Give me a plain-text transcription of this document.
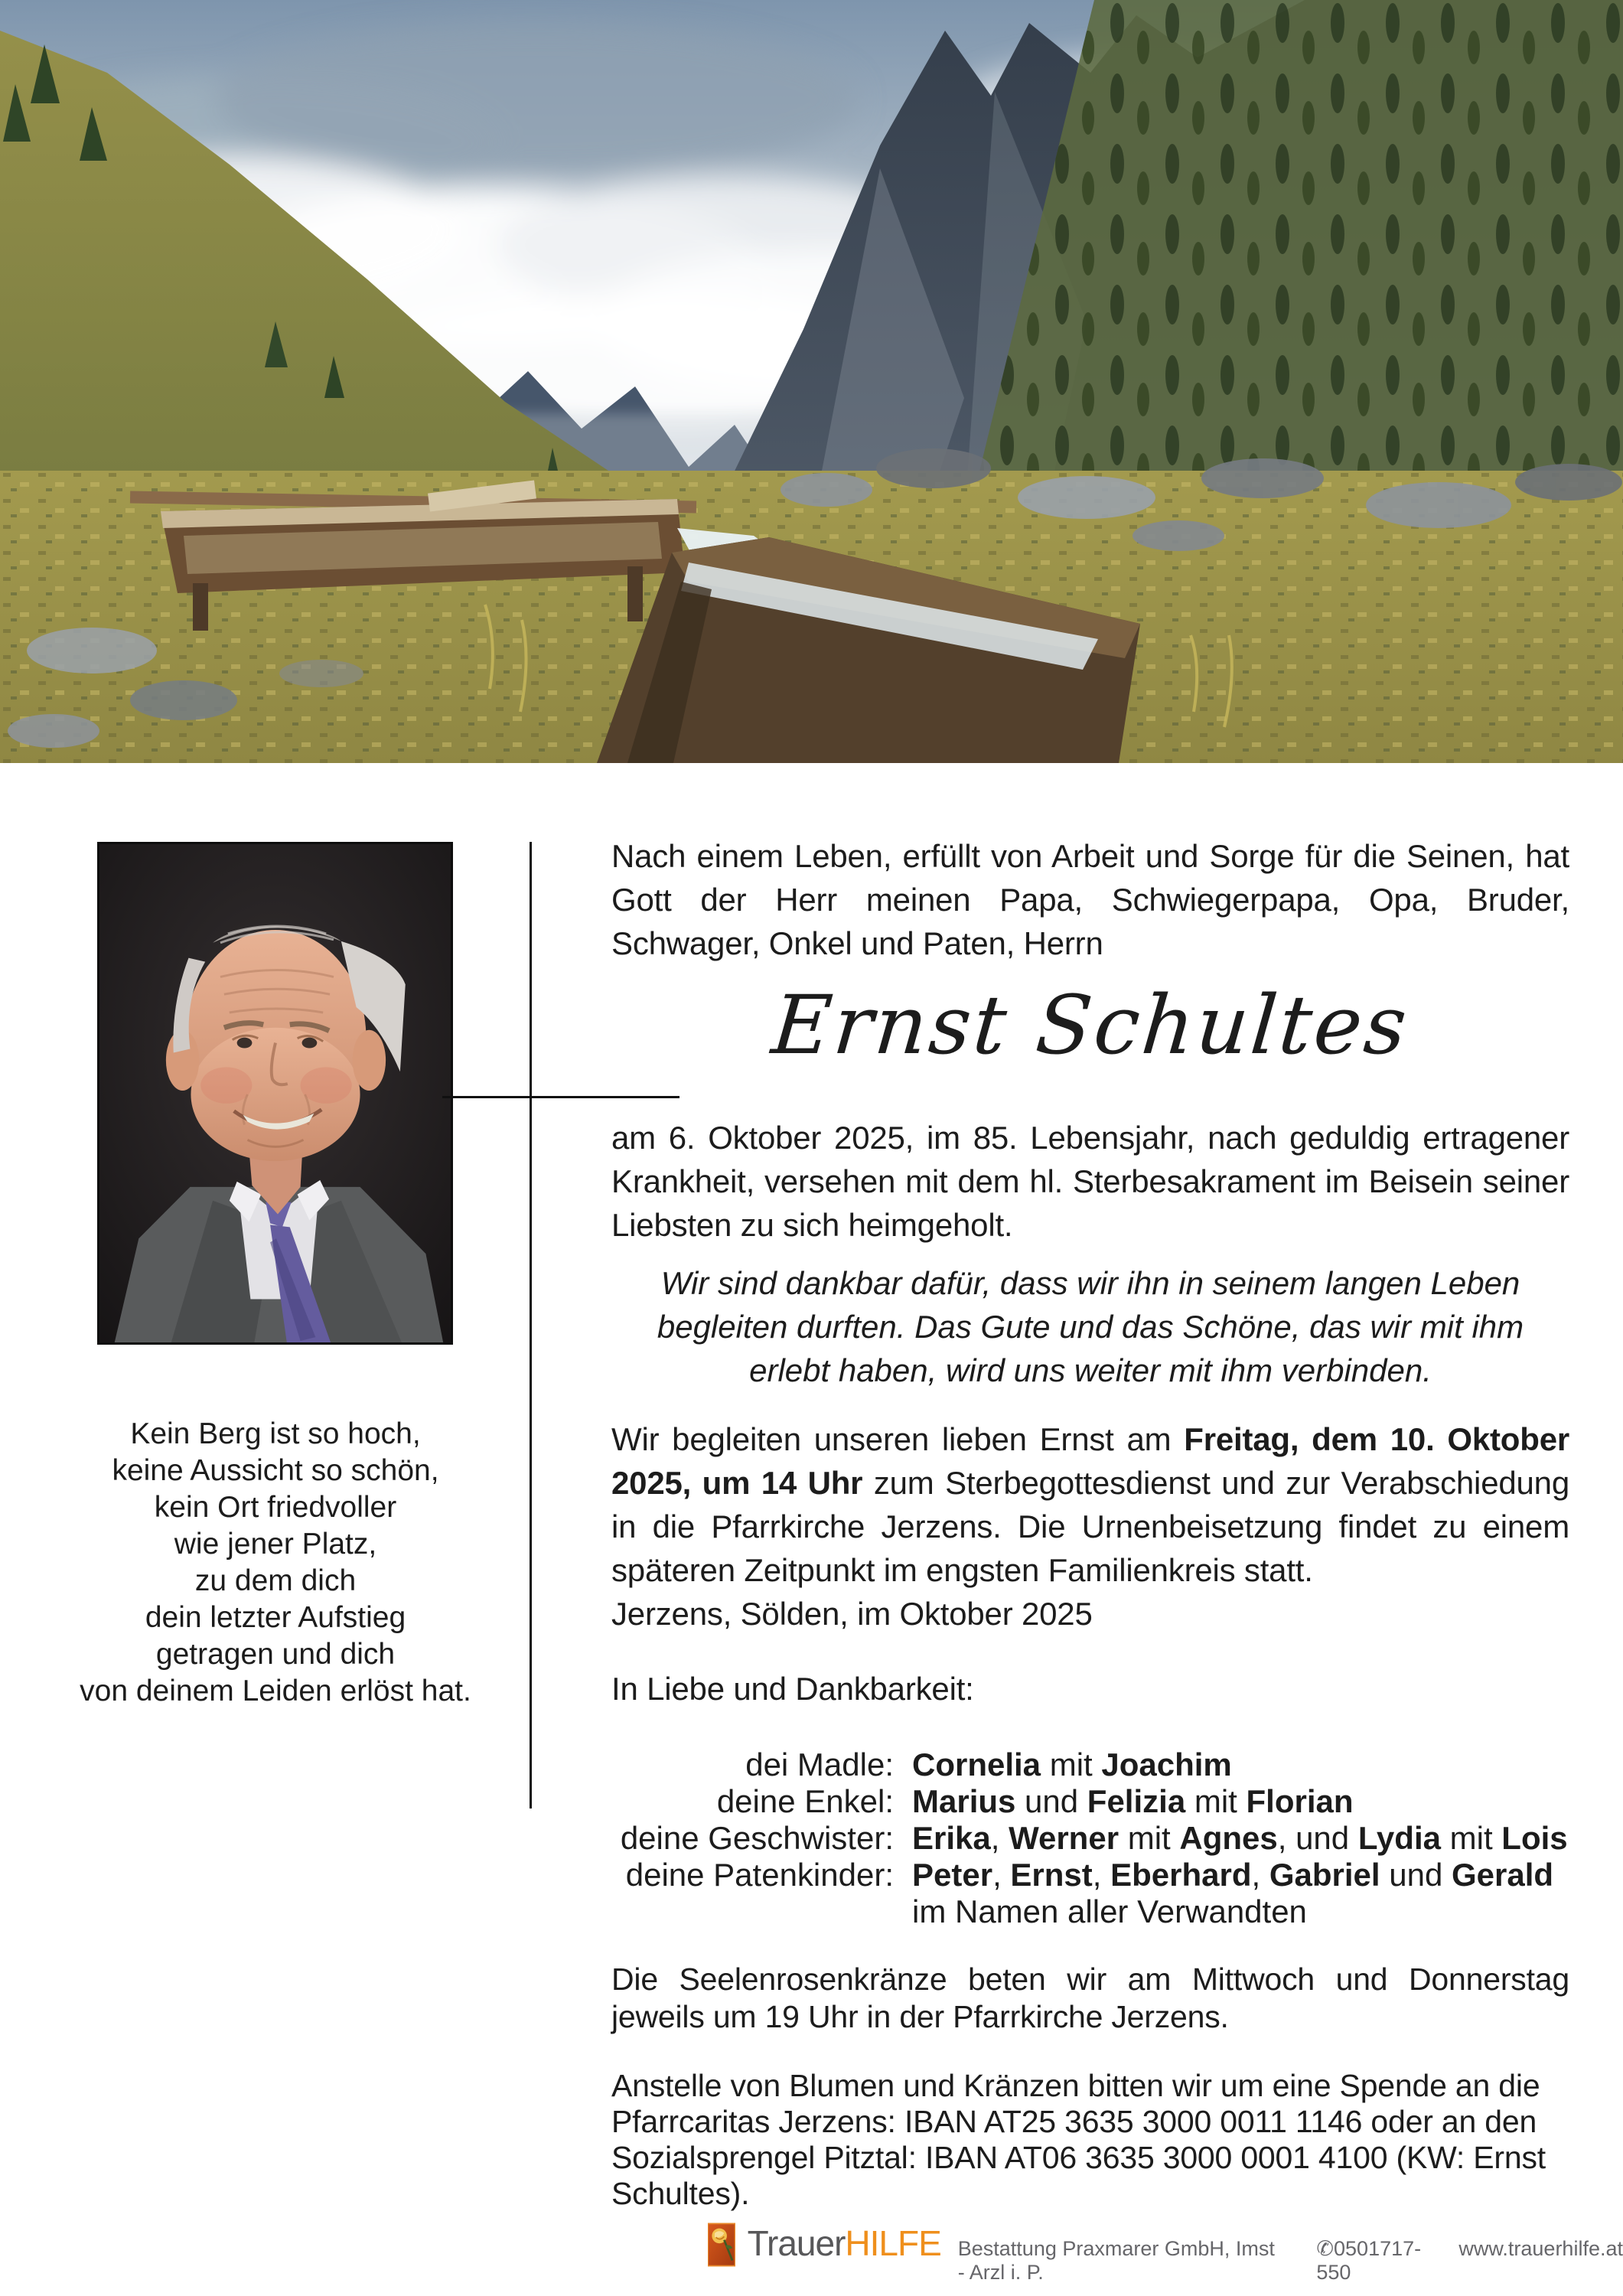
Nach einem Leben, erfüllt von Arbeit und Sorge für die Seinen, hat Gott der Herr meinen Papa, Schwiegerpapa, Opa, Bruder, Schwager, Onkel und Paten, Herrn
Ernst Schultes
am 6. Oktober 2025, im 85. Lebensjahr, nach geduldig ertragener Krankheit, versehen mit dem hl. Sterbesakrament im Beisein seiner Liebsten zu sich heimgeholt.
Wir sind dankbar dafür, dass wir ihn in seinem langen Leben
begleiten durften. Das Gute und das Schöne, das wir mit ihm
erlebt haben, wird uns weiter mit ihm verbinden.
Wir begleiten unseren lieben Ernst am Freitag, dem 10. Oktober 2025, um 14 Uhr zum Sterbegottesdienst und zur Verabschiedung in die Pfarrkirche Jerzens. Die Urnenbeisetzung findet zu einem späteren Zeitpunkt im engsten Familienkreis statt.
Jerzens, Sölden, im Oktober 2025
In Liebe und Dankbarkeit:
dei Madle: Cornelia mit Joachim
deine Enkel: Marius und Felizia mit Florian
deine Geschwister: Erika, Werner mit Agnes, und Lydia mit Lois
deine Patenkinder: Peter, Ernst, Eberhard, Gabriel und Gerald
im Namen aller Verwandten
Die Seelenrosenkränze beten wir am Mittwoch und Donnerstag jeweils um 19 Uhr in der Pfarrkirche Jerzens.
Anstelle von Blumen und Kränzen bitten wir um eine Spende an die Pfarrcaritas Jerzens: IBAN AT25 3635 3000 0011 1146 oder an den Sozialsprengel Pitztal: IBAN AT06 3635 3000 0001 4100 (KW: Ernst Schultes).
Kein Berg ist so hoch,
keine Aussicht so schön,
kein Ort friedvoller
wie jener Platz,
zu dem dich
dein letzter Aufstieg
getragen und dich
von deinem Leiden erlöst hat.
TrauerHILFE Bestattung Praxmarer GmbH, Imst - Arzl i. P.
✆0501717-550
www.trauerhilfe.at
